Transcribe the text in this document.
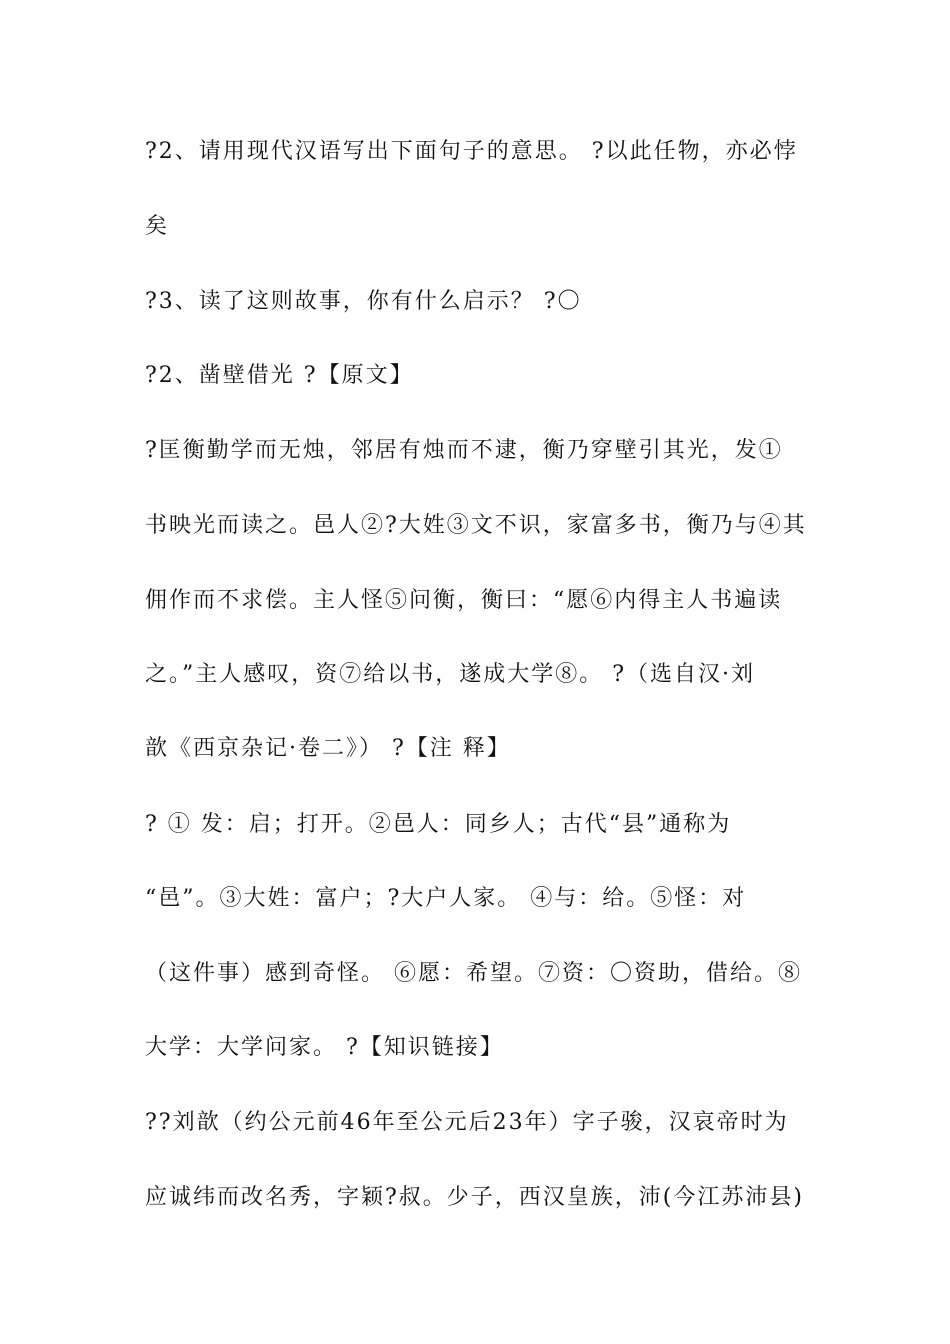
?2、请用现代汉语写出下面句子的意思。 ?以此任物，亦必悖
矣
?3、读了这则故事，你有什么启示？ ?〇
?2、凿壁借光 ?【原文】
?匡衡勤学而无烛，邻居有烛而不逮，衡乃穿壁引其光，发①
书映光而读之。邑人②?大姓③文不识，家富多书，衡乃与④其
佣作而不求偿。主人怪⑤问衡，衡曰：“愿⑥内得主人书遍读
之。”主人感叹，资⑦给以书，遂成大学⑧。 ?（选自汉·刘
歆《西京杂记·卷二》） ?【注 释】
? ① 发：启；打开。②邑人：同乡人；古代“县”通称为
“邑”。③大姓：富户；?大户人家。 ④与：给。⑤怪：对
（这件事）感到奇怪。 ⑥愿：希望。⑦资：〇资助，借给。⑧
大学：大学问家。 ?【知识链接】
??刘歆（约公元前46年至公元后23年）字子骏，汉哀帝时为
应诚纬而改名秀，字颖?叔。少子，西汉皇族，沛(今江苏沛县)
